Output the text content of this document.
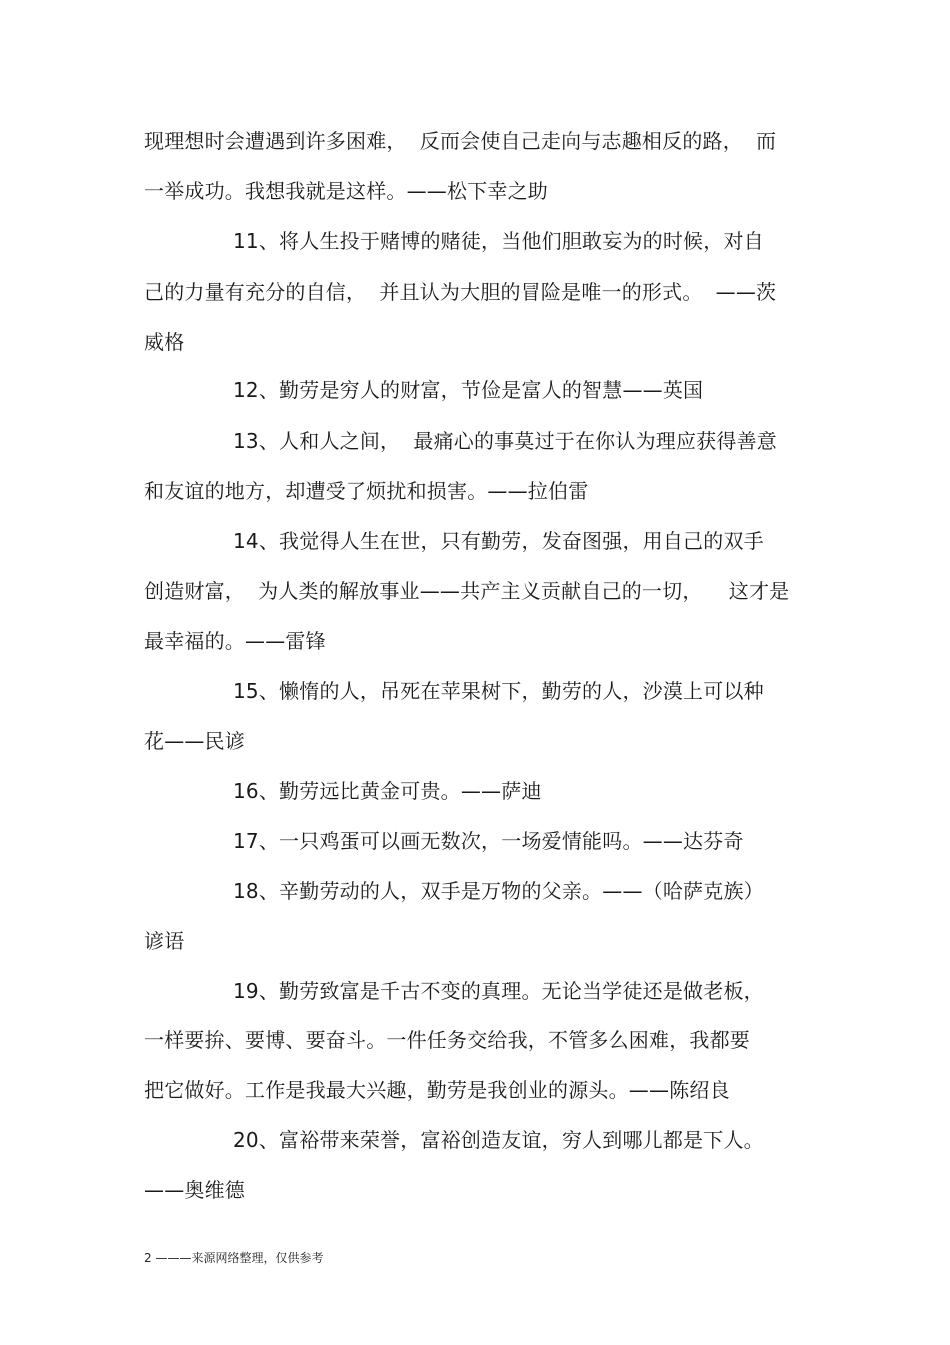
现理想时会遭遇到许多困难，  反而会使自己走向与志趣相反的路，  而
一举成功。我想我就是这样。——松下幸之助
11、将人生投于赌博的赌徒，当他们胆敢妄为的时候，对自
己的力量有充分的自信，  并且认为大胆的冒险是唯一的形式。  ——茨
威格
12、勤劳是穷人的财富，节俭是富人的智慧——英国
13、人和人之间，  最痛心的事莫过于在你认为理应获得善意
和友谊的地方，却遭受了烦扰和损害。——拉伯雷
14、我觉得人生在世，只有勤劳，发奋图强，用自己的双手
创造财富，  为人类的解放事业——共产主义贡献自己的一切，    这才是
最幸福的。——雷锋
15、懒惰的人，吊死在苹果树下，勤劳的人，沙漠上可以种
花——民谚
16、勤劳远比黄金可贵。——萨迪
17、一只鸡蛋可以画无数次，一场爱情能吗。——达芬奇
18、辛勤劳动的人，双手是万物的父亲。——（哈萨克族）
谚语
19、勤劳致富是千古不变的真理。无论当学徒还是做老板，
一样要拚、要博、要奋斗。一件任务交给我，不管多么困难，我都要
把它做好。工作是我最大兴趣，勤劳是我创业的源头。——陈绍良
20、富裕带来荣誉，富裕创造友谊，穷人到哪儿都是下人。
——奥维德
2 ———来源网络整理，仅供参考
